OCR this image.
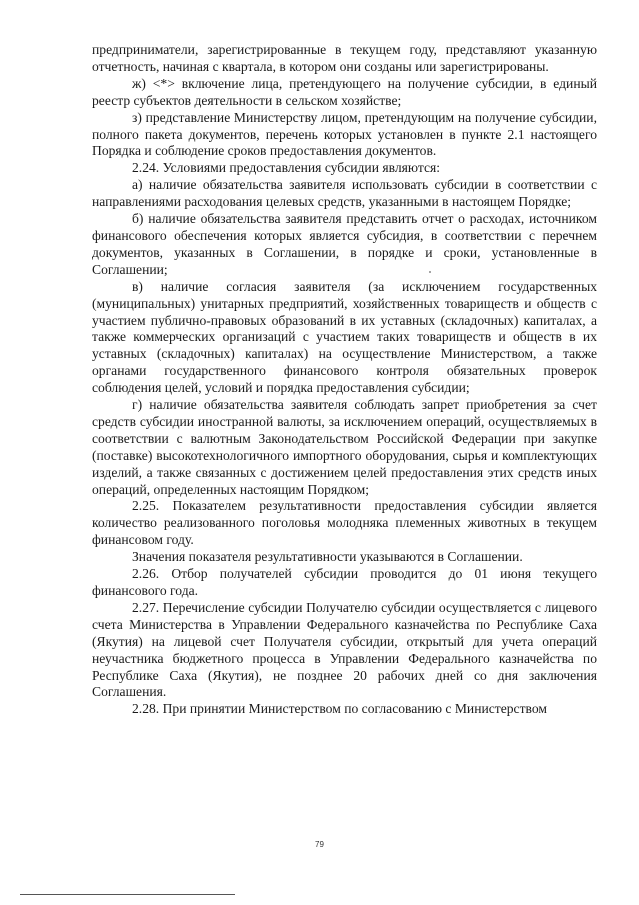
предприниматели, зарегистрированные в текущем году, представляют указанную отчетность, начиная с квартала, в котором они созданы или зарегистрированы.

ж) <*> включение лица, претендующего на получение субсидии, в единый реестр субъектов деятельности в сельском хозяйстве;

з) представление Министерству лицом, претендующим на получение субсидии, полного пакета документов, перечень которых установлен в пункте 2.1 настоящего Порядка и соблюдение сроков предоставления документов.

2.24. Условиями предоставления субсидии являются:

а) наличие обязательства заявителя использовать субсидии в соответствии с направлениями расходования целевых средств, указанными в настоящем Порядке;

б) наличие обязательства заявителя представить отчет о расходах, источником финансового обеспечения которых является субсидия, в соответствии с перечнем документов, указанных в Соглашении, в порядке и сроки, установленные в Соглашении;

в) наличие согласия заявителя (за исключением государственных (муниципальных) унитарных предприятий, хозяйственных товариществ и обществ с участием публично-правовых образований в их уставных (складочных) капиталах, а также коммерческих организаций с участием таких товариществ и обществ в их уставных (складочных) капиталах) на осуществление Министерством, а также органами государственного финансового контроля обязательных проверок соблюдения целей, условий и порядка предоставления субсидии;

г) наличие обязательства заявителя соблюдать запрет приобретения за счет средств субсидии иностранной валюты, за исключением операций, осуществляемых в соответствии с валютным Законодательством Российской Федерации при закупке (поставке) высокотехнологичного импортного оборудования, сырья и комплектующих изделий, а также связанных с достижением целей предоставления этих средств иных операций, определенных настоящим Порядком;

2.25. Показателем результативности предоставления субсидии является количество реализованного поголовья молодняка племенных животных в текущем финансовом году.

Значения показателя результативности указываются в Соглашении.

2.26. Отбор получателей субсидии проводится до 01 июня текущего финансового года.

2.27. Перечисление субсидии Получателю субсидии осуществляется с лицевого счета Министерства в Управлении Федерального казначейства по Республике Саха (Якутия) на лицевой счет Получателя субсидии, открытый для учета операций неучастника бюджетного процесса в Управлении Федерального казначейства по Республике Саха (Якутия), не позднее 20 рабочих дней со дня заключения Соглашения.

2.28. При принятии Министерством по согласованию с Министерством

79
